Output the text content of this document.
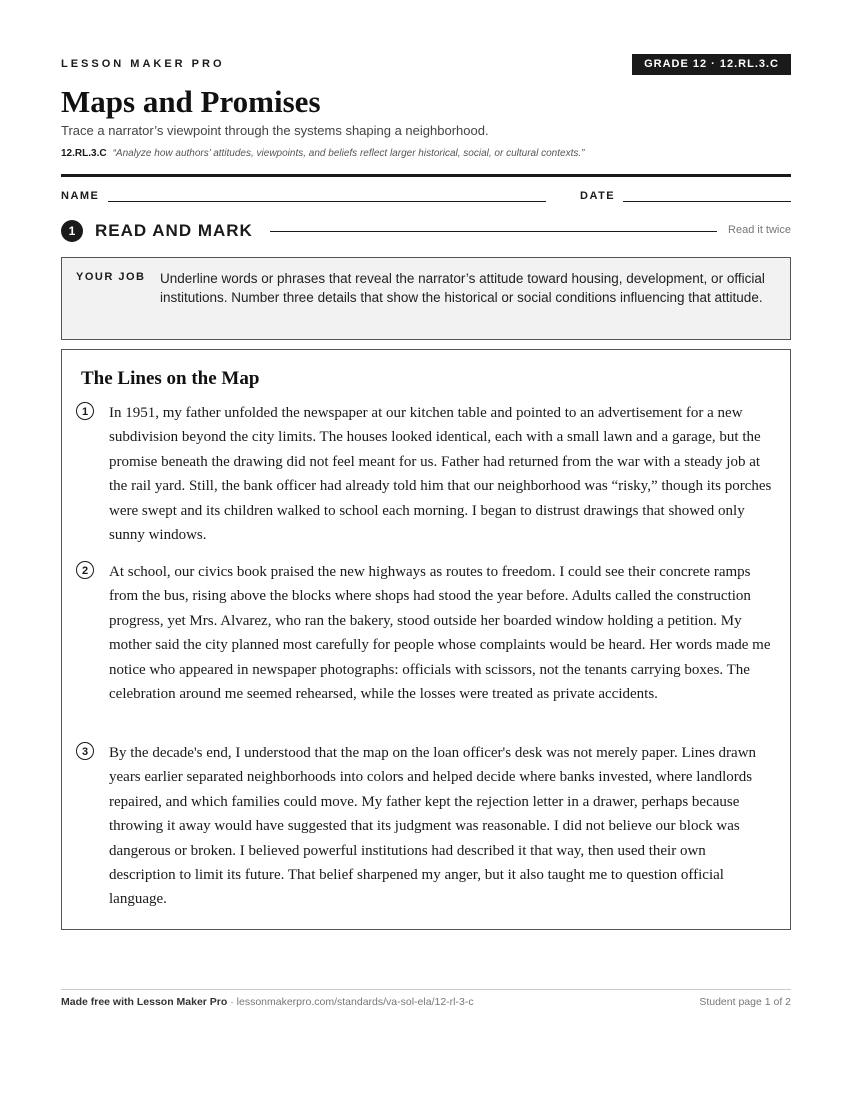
LESSON MAKER PRO	GRADE 12 · 12.RL.3.C
Maps and Promises
Trace a narrator’s viewpoint through the systems shaping a neighborhood.
12.RL.3.C “Analyze how authors’ attitudes, viewpoints, and beliefs reflect larger historical, social, or cultural contexts.”
NAME	DATE
1	READ AND MARK	Read it twice
YOUR JOB Underline words or phrases that reveal the narrator’s attitude toward housing, development, or official institutions. Number three details that show the historical or social conditions influencing that attitude.
The Lines on the Map
1	In 1951, my father unfolded the newspaper at our kitchen table and pointed to an advertisement for a new subdivision beyond the city limits. The houses looked identical, each with a small lawn and a garage, but the promise beneath the drawing did not feel meant for us. Father had returned from the war with a steady job at the rail yard. Still, the bank officer had already told him that our neighborhood was “risky,” though its porches were swept and its children walked to school each morning. I began to distrust drawings that showed only sunny windows.
2	At school, our civics book praised the new highways as routes to freedom. I could see their concrete ramps from the bus, rising above the blocks where shops had stood the year before. Adults called the construction progress, yet Mrs. Alvarez, who ran the bakery, stood outside her boarded window holding a petition. My mother said the city planned most carefully for people whose complaints would be heard. Her words made me notice who appeared in newspaper photographs: officials with scissors, not the tenants carrying boxes. The celebration around me seemed rehearsed, while the losses were treated as private accidents.
3	By the decade's end, I understood that the map on the loan officer's desk was not merely paper. Lines drawn years earlier separated neighborhoods into colors and helped decide where banks invested, where landlords repaired, and which families could move. My father kept the rejection letter in a drawer, perhaps because throwing it away would have suggested that its judgment was reasonable. I did not believe our block was dangerous or broken. I believed powerful institutions had described it that way, then used their own description to limit its future. That belief sharpened my anger, but it also taught me to question official language.
Made free with Lesson Maker Pro · lessonmakerpro.com/standards/va-sol-ela/12-rl-3-c	Student page 1 of 2
